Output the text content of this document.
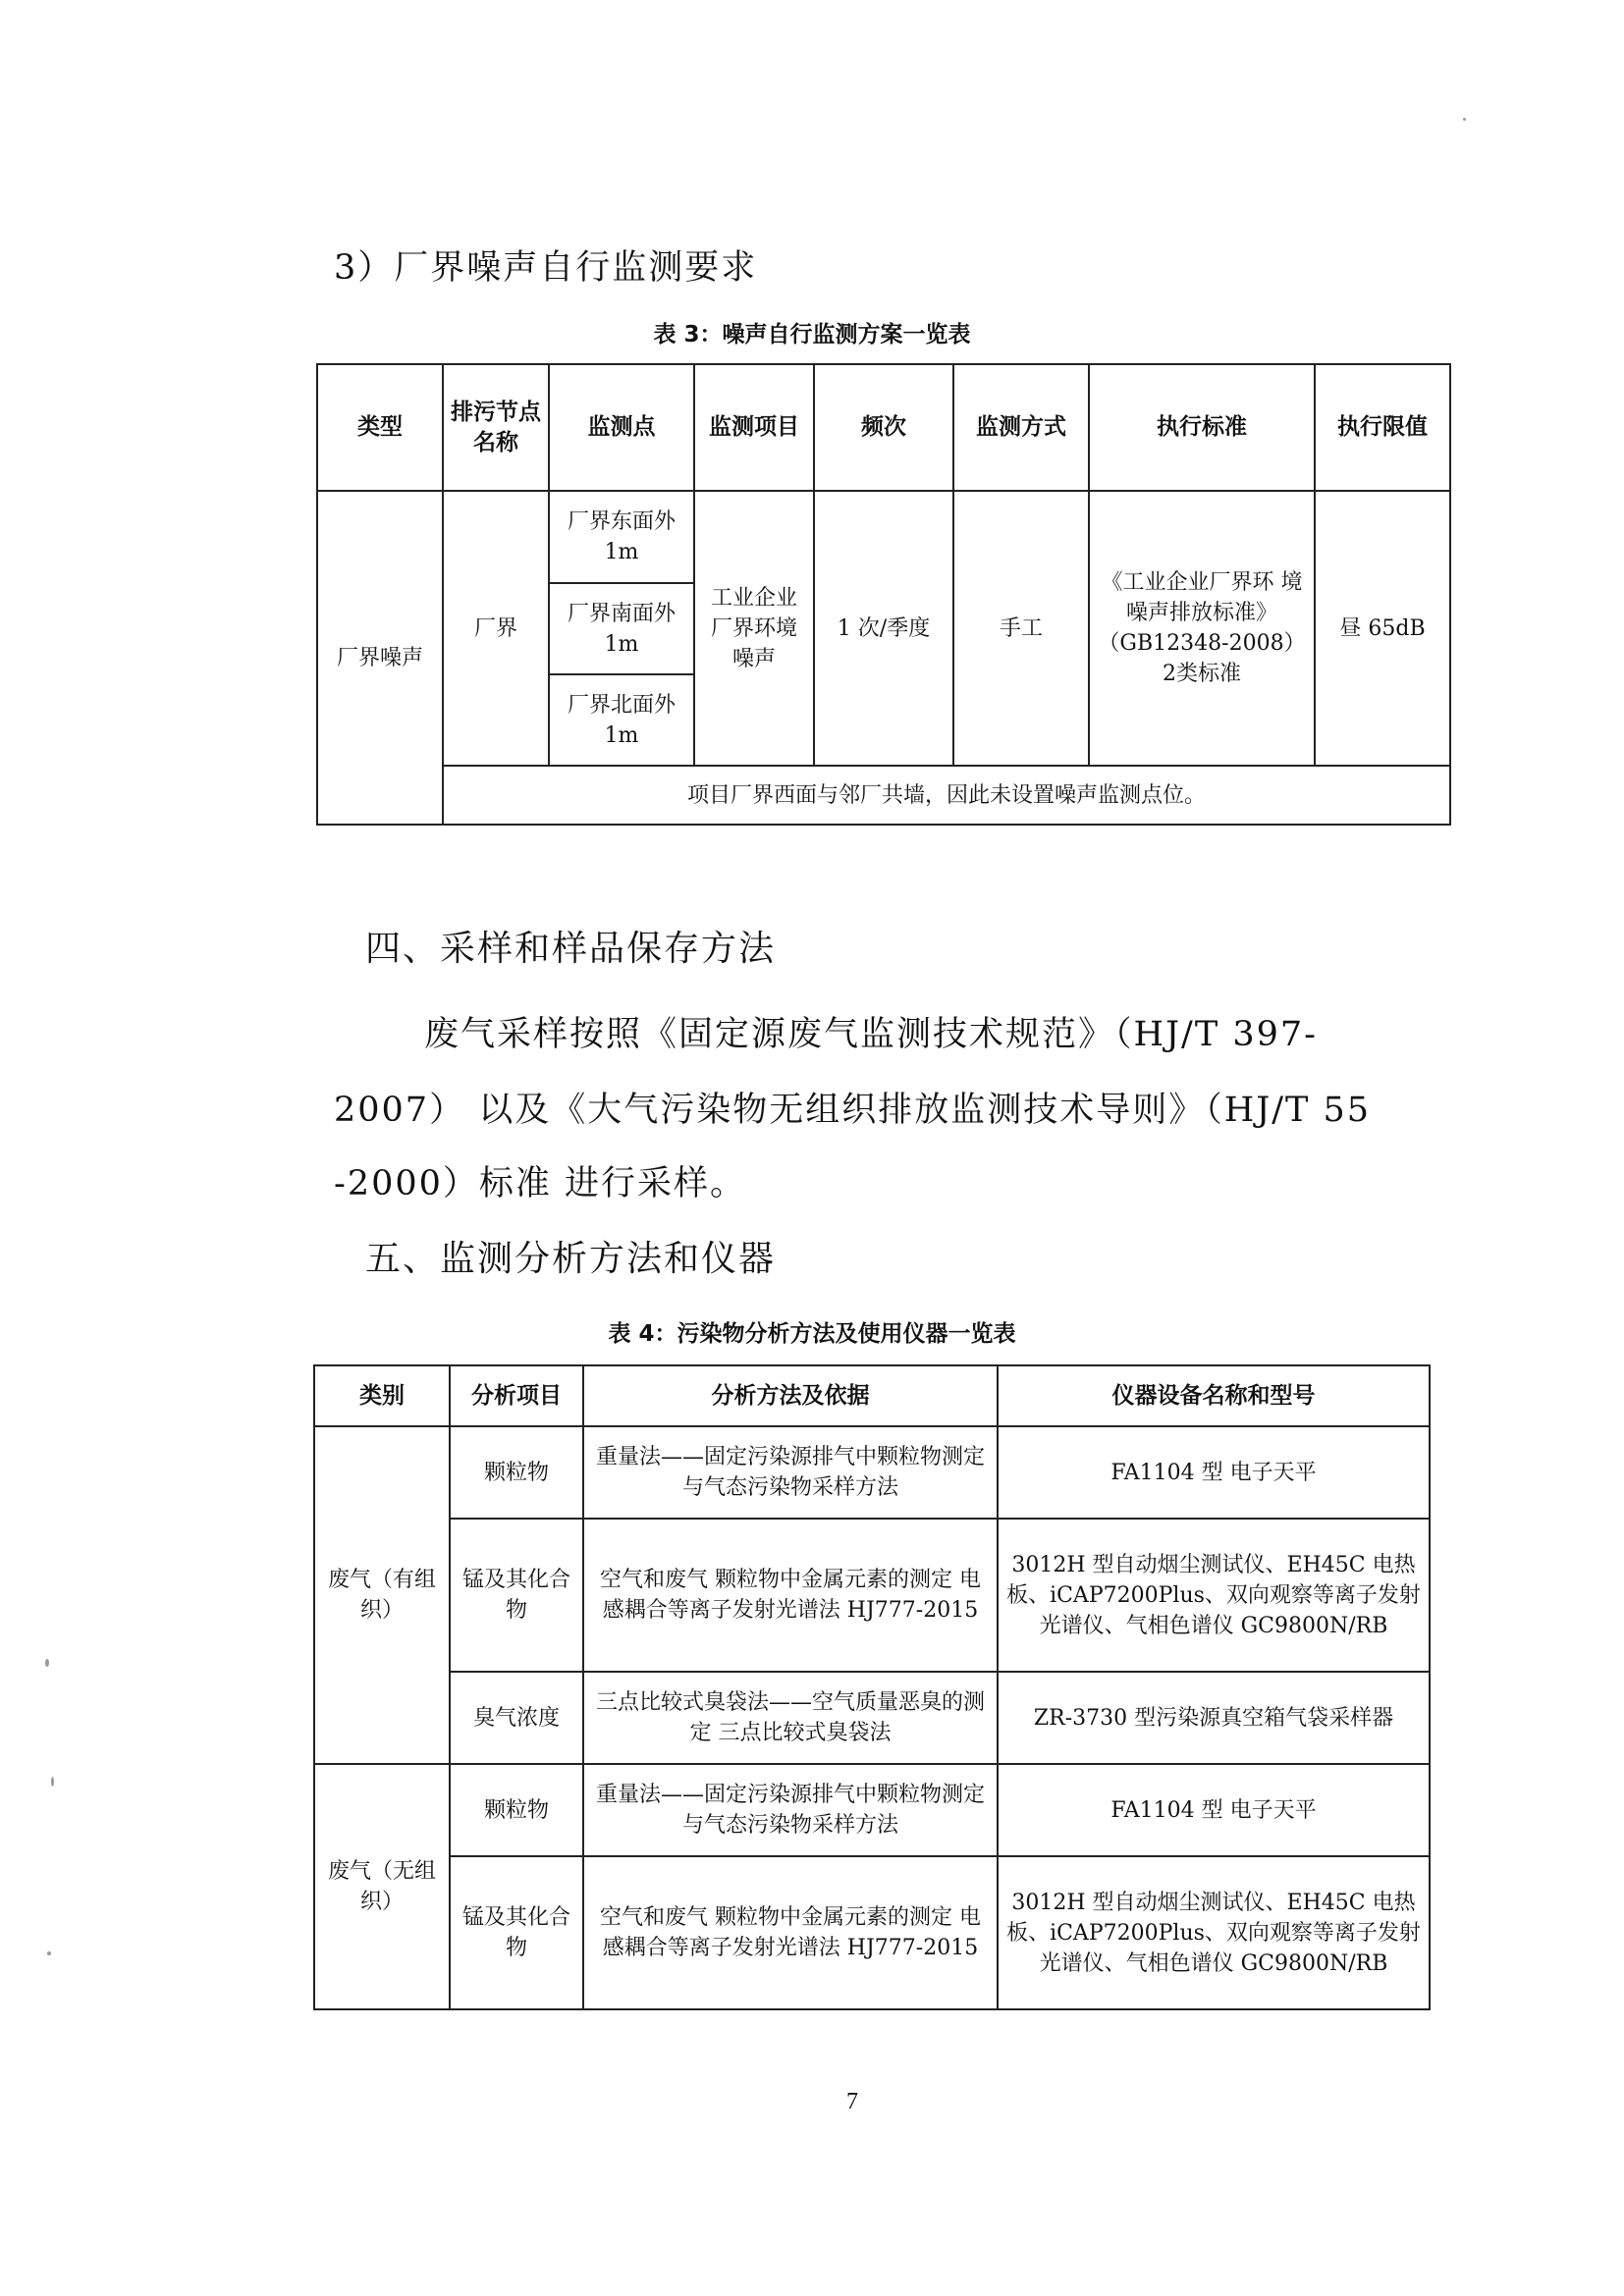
3）厂界噪声自行监测要求
表 3：噪声自行监测方案一览表
类型	排污节点名称	监测点	监测项目	频次	监测方式	执行标准	执行限值
厂界噪声	厂界	厂界东面外 1m	工业企业厂界环境噪声	1 次/季度	手工	《工业企业厂界环 境噪声排放标准》（GB12348-2008）2类标准	昼 65dB
		厂界南面外 1m					
		厂界北面外 1m					
	项目厂界西面与邻厂共墙，因此未设置噪声监测点位。						
四、采样和样品保存方法
废气采样按照《固定源废气监测技术规范》（HJ/T 397-
2007） 以及《大气污染物无组织排放监测技术导则》（HJ/T 55
-2000）标准 进行采样。
五、监测分析方法和仪器
表 4：污染物分析方法及使用仪器一览表
类别	分析项目	分析方法及依据	仪器设备名称和型号
废气（有组织）	颗粒物	重量法——固定污染源排气中颗粒物测定与气态污染物采样方法	FA1104 型 电子天平
	锰及其化合物	空气和废气 颗粒物中金属元素的测定 电感耦合等离子发射光谱法 HJ777-2015	3012H 型自动烟尘测试仪、EH45C 电热板、iCAP7200Plus、双向观察等离子发射光谱仪、气相色谱仪 GC9800N/RB
	臭气浓度	三点比较式臭袋法——空气质量恶臭的测定 三点比较式臭袋法	ZR-3730 型污染源真空箱气袋采样器
废气（无组织）	颗粒物	重量法——固定污染源排气中颗粒物测定与气态污染物采样方法	FA1104 型 电子天平
	锰及其化合物	空气和废气 颗粒物中金属元素的测定 电感耦合等离子发射光谱法 HJ777-2015	3012H 型自动烟尘测试仪、EH45C 电热板、iCAP7200Plus、双向观察等离子发射光谱仪、气相色谱仪 GC9800N/RB
7
